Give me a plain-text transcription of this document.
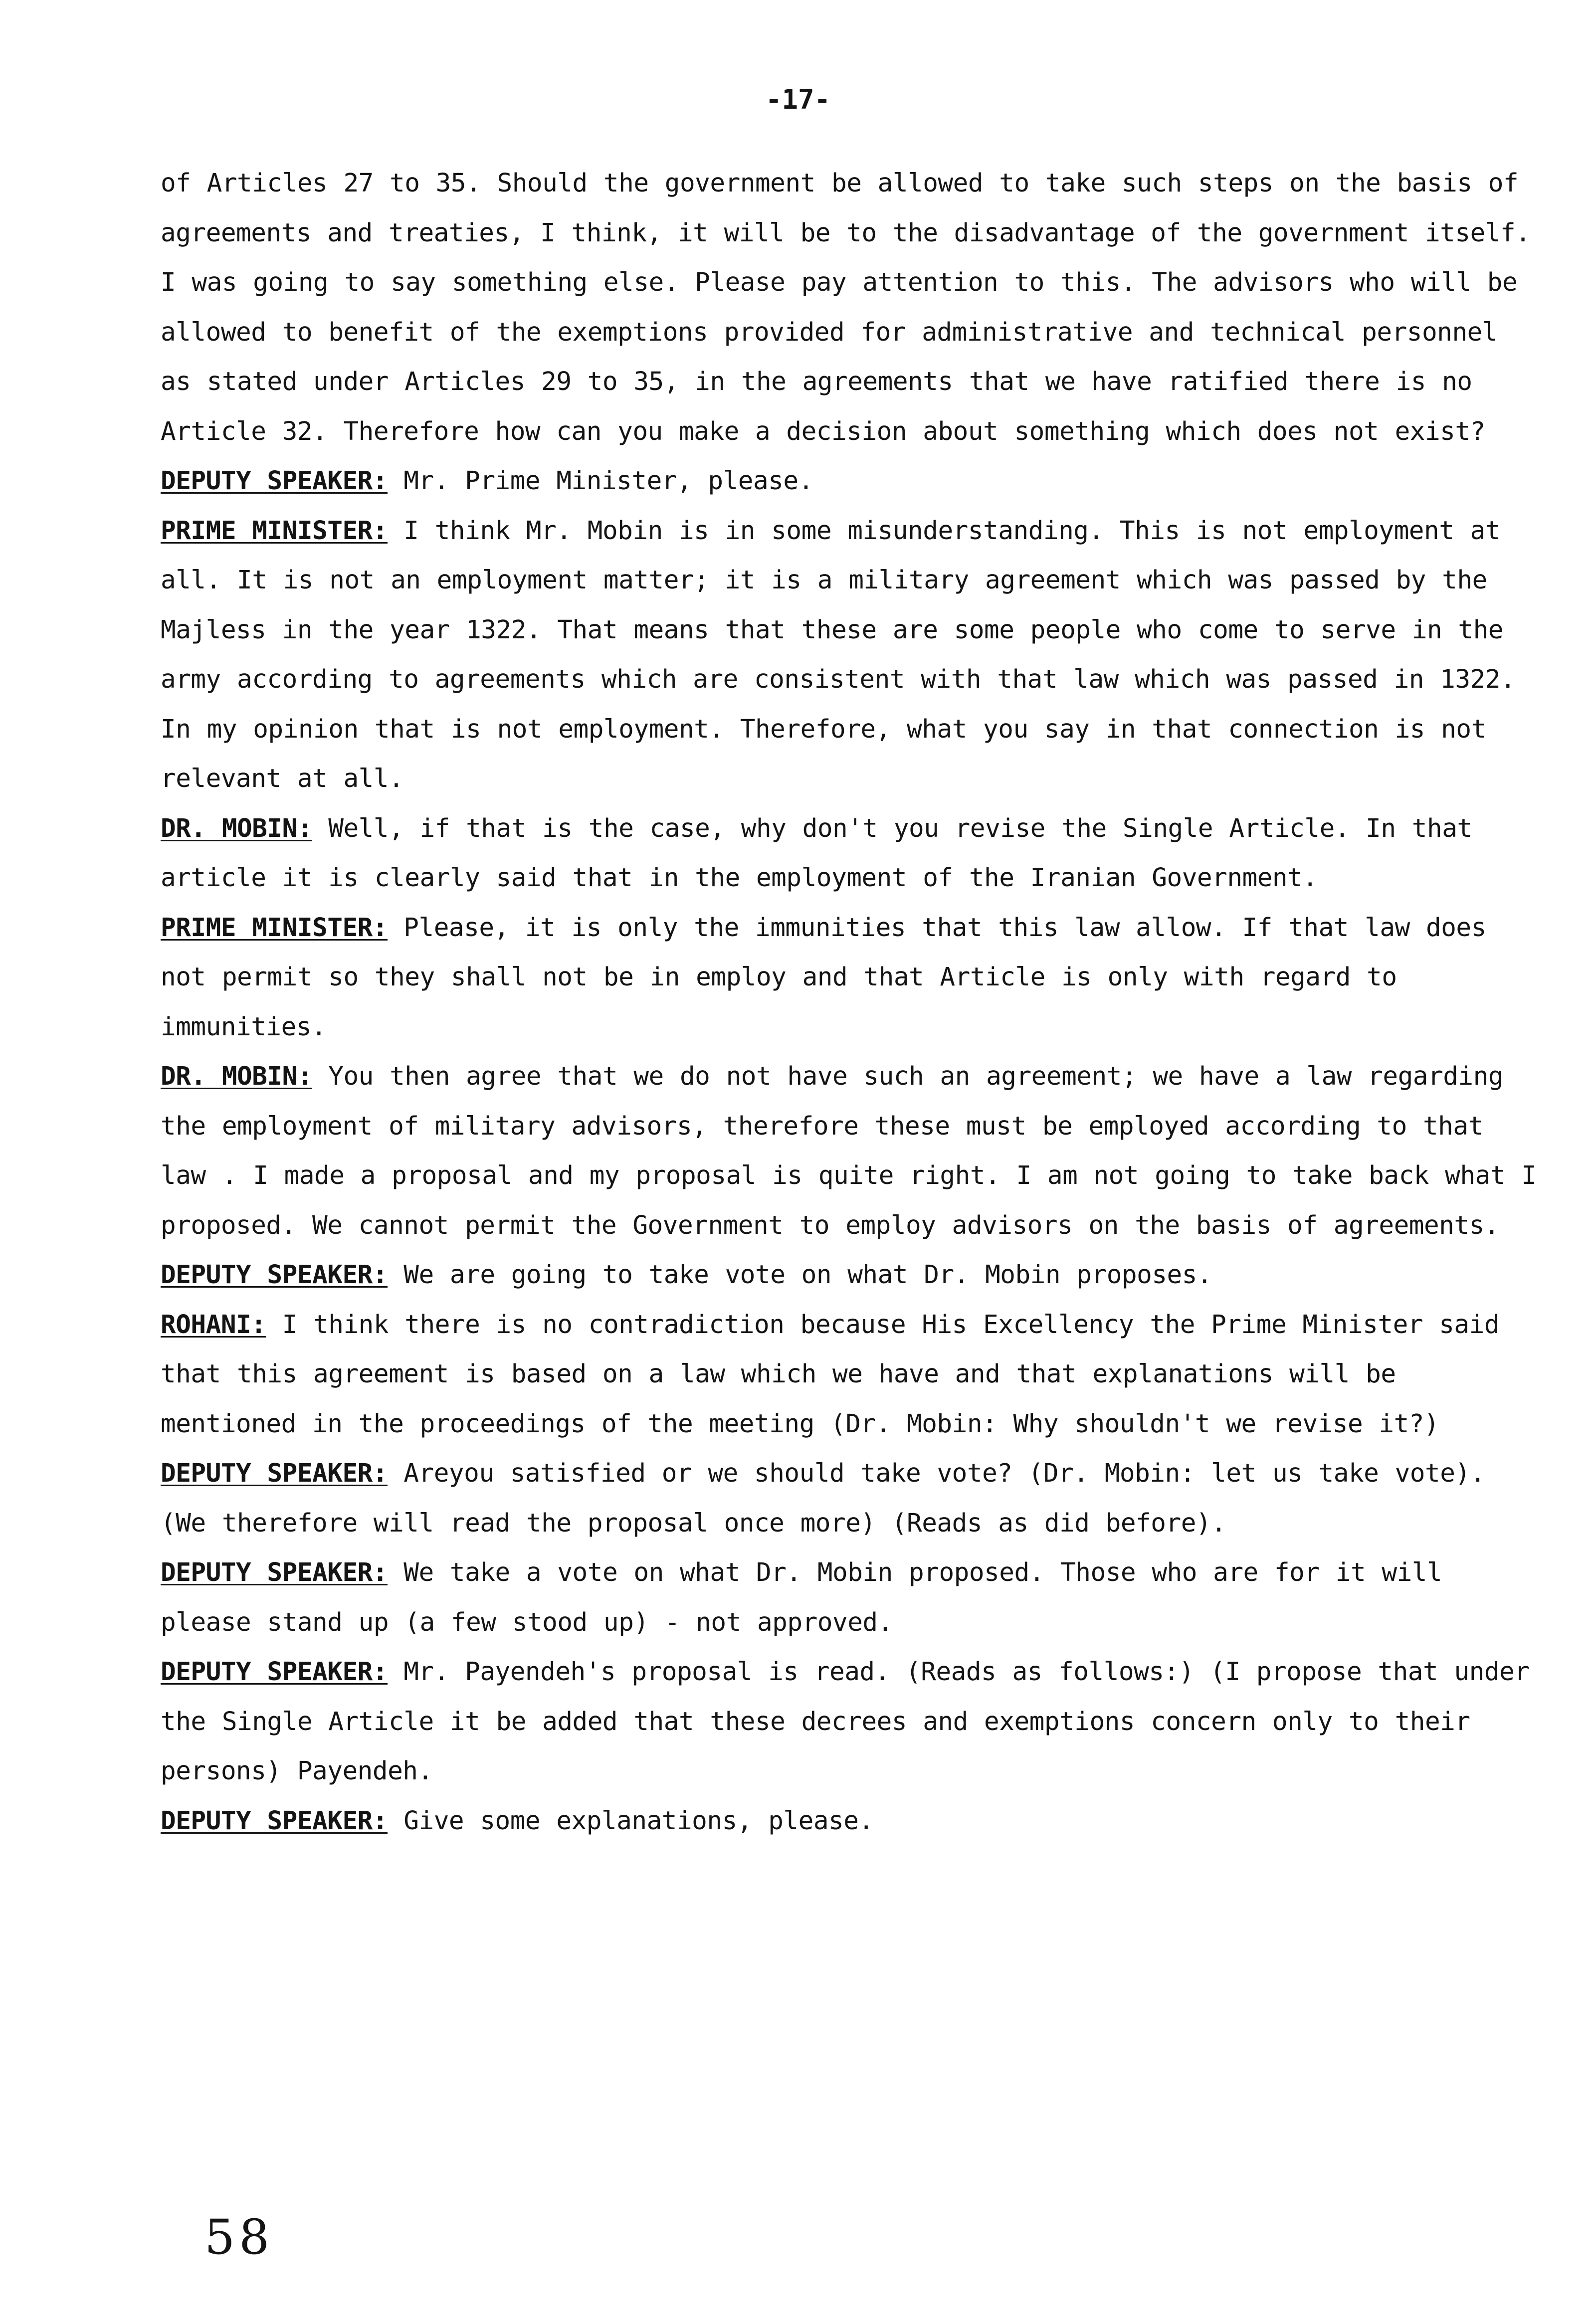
-17-

of Articles 27 to 35. Should the government be allowed to take such steps on the basis of agreements and treaties, I think, it will be to the disadvantage of the government itself. I was going to say something else. Please pay attention to this. The advisors who will be allowed to benefit of the exemptions provided for administrative and technical personnel as stated under Articles 29 to 35, in the agreements that we have ratified there is no Article 32. Therefore how can you make a decision about something which does not exist?

DEPUTY SPEAKER: Mr. Prime Minister, please.

PRIME MINISTER: I think Mr. Mobin is in some misunderstanding. This is not employment at all. It is not an employment matter; it is a military agreement which was passed by the Majless in the year 1322. That means that these are some people who come to serve in the army according to agreements which are consistent with that law which was passed in 1322. In my opinion that is not employment. Therefore, what you say in that connection is not relevant at all.

DR. MOBIN: Well, if that is the case, why don't you revise the Single Article. In that article it is clearly said that in the employment of the Iranian Government.

PRIME MINISTER: Please, it is only the immunities that this law allow. If that law does not permit so they shall not be in employ and that Article is only with regard to immunities.

DR. MOBIN: You then agree that we do not have such an agreement; we have a law regarding the employment of military advisors, therefore these must be employed according to that law . I made a proposal and my proposal is quite right. I am not going to take back what I proposed. We cannot permit the Government to employ advisors on the basis of agreements.

DEPUTY SPEAKER: We are going to take vote on what Dr. Mobin proposes.

ROHANI: I think there is no contradiction because His Excellency the Prime Minister said that this agreement is based on a law which we have and that explanations will be mentioned in the proceedings of the meeting (Dr. Mobin: Why shouldn't we revise it?)

DEPUTY SPEAKER: Areyou satisfied or we should take vote? (Dr. Mobin: let us take vote). (We therefore will read the proposal once more) (Reads as did before).

DEPUTY SPEAKER: We take a vote on what Dr. Mobin proposed. Those who are for it will please stand up (a few stood up) - not approved.

DEPUTY SPEAKER: Mr. Payendeh's proposal is read. (Reads as follows:) (I propose that under the Single Article it be added that these decrees and exemptions concern only to their persons) Payendeh.

DEPUTY SPEAKER: Give some explanations, please.

58
